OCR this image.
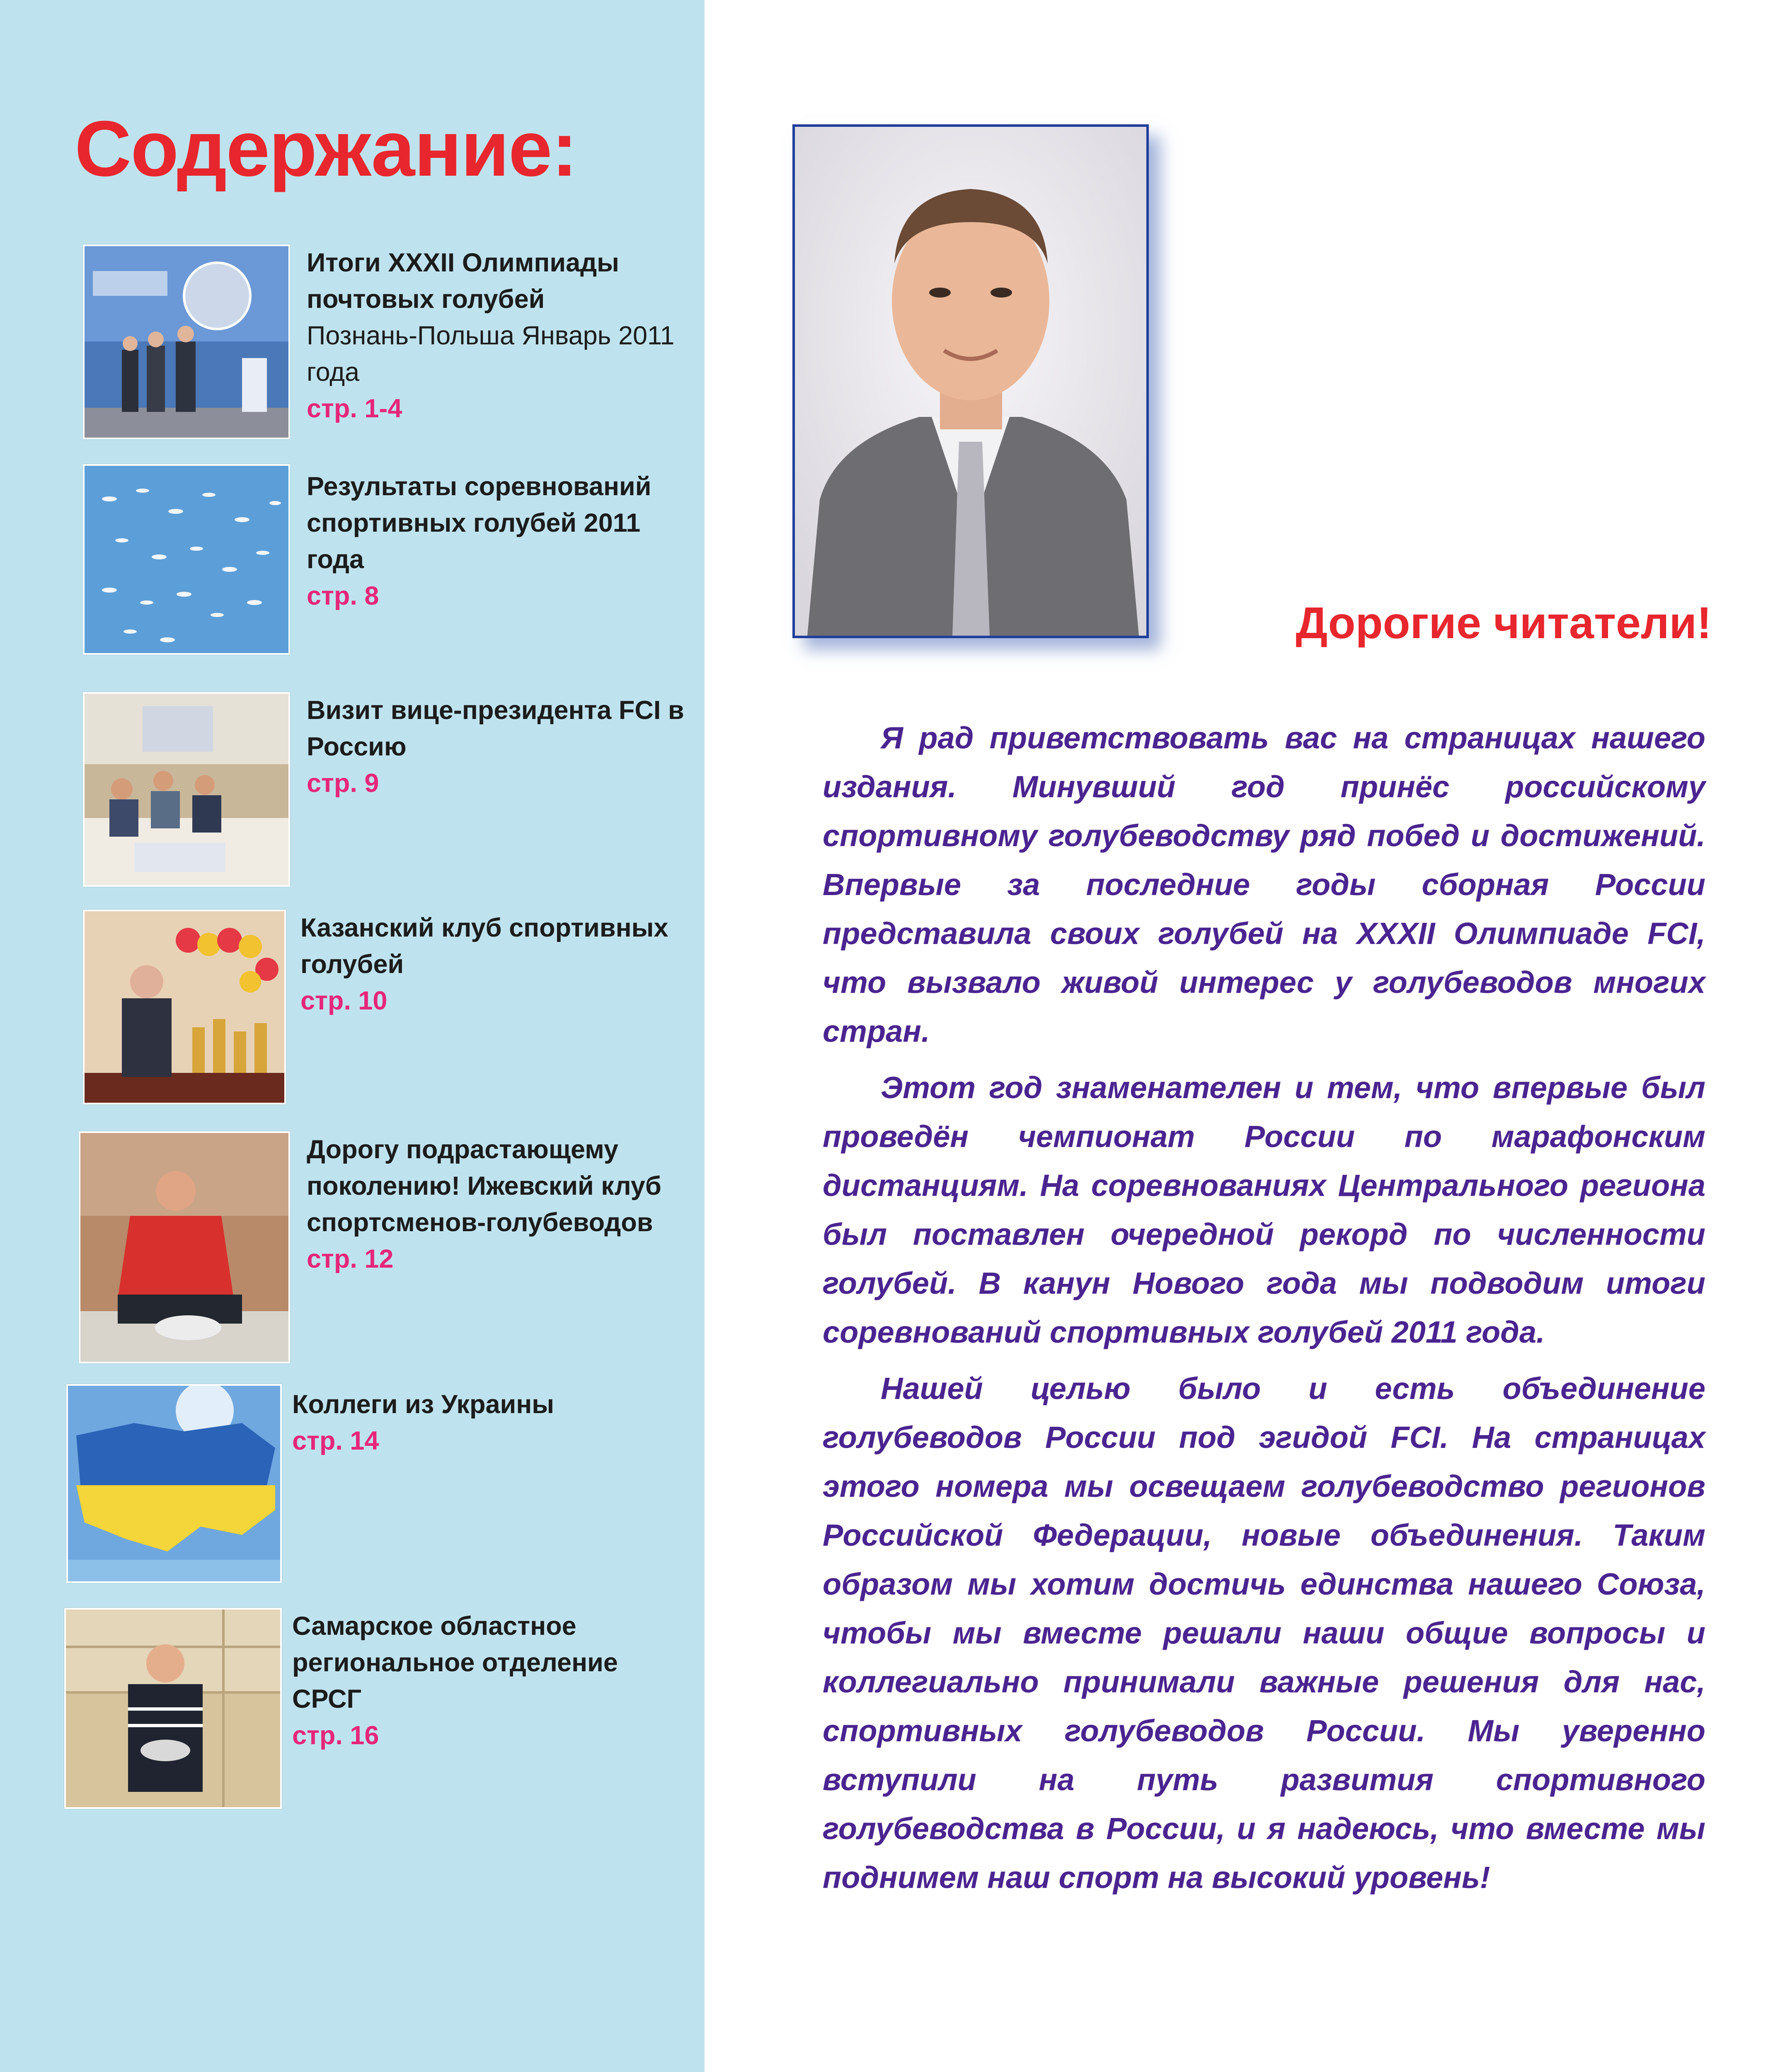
Содержание:
Итоги XXXII Олимпиады почтовых голубей
Познань-Польша Январь 2011 года
стр. 1-4
Результаты соревнований спортивных голубей 2011 года
стр. 8
Визит вице-президента FCI в Россию
стр. 9
Казанский клуб спортивных голубей
стр. 10
Дорогу подрастающему поколению! Ижевский клуб спортсменов-голубеводов
стр. 12
Коллеги из Украины
стр. 14
Самарское областное региональное отделение СРСГ
стр. 16
Дорогие читатели!

Я рад приветствовать вас на страницах нашего издания. Минувший год принёс российскому спортивному голубеводству ряд побед и достижений. Впервые за последние годы сборная России представила своих голубей на XXXII Олимпиаде FCI, что вызвало живой интерес у голубеводов многих стран.

Этот год знаменателен и тем, что впервые был проведён чемпионат России по марафонским дистанциям. На соревнованиях Центрального региона был поставлен очередной рекорд по численности голубей. В канун Нового года мы подводим итоги соревнований спортивных голубей 2011 года.

Нашей целью было и есть объединение голубеводов России под эгидой FCI. На страницах этого номера мы освещаем голубеводство регионов Российской Федерации, новые объединения. Таким образом мы хотим достичь единства нашего Союза, чтобы мы вместе решали наши общие вопросы и коллегиально принимали важные решения для нас, спортивных голубеводов России. Мы уверенно вступили на путь развития спортивного голубеводства в России, и я надеюсь, что вместе мы поднимем наш спорт на высокий уровень!
